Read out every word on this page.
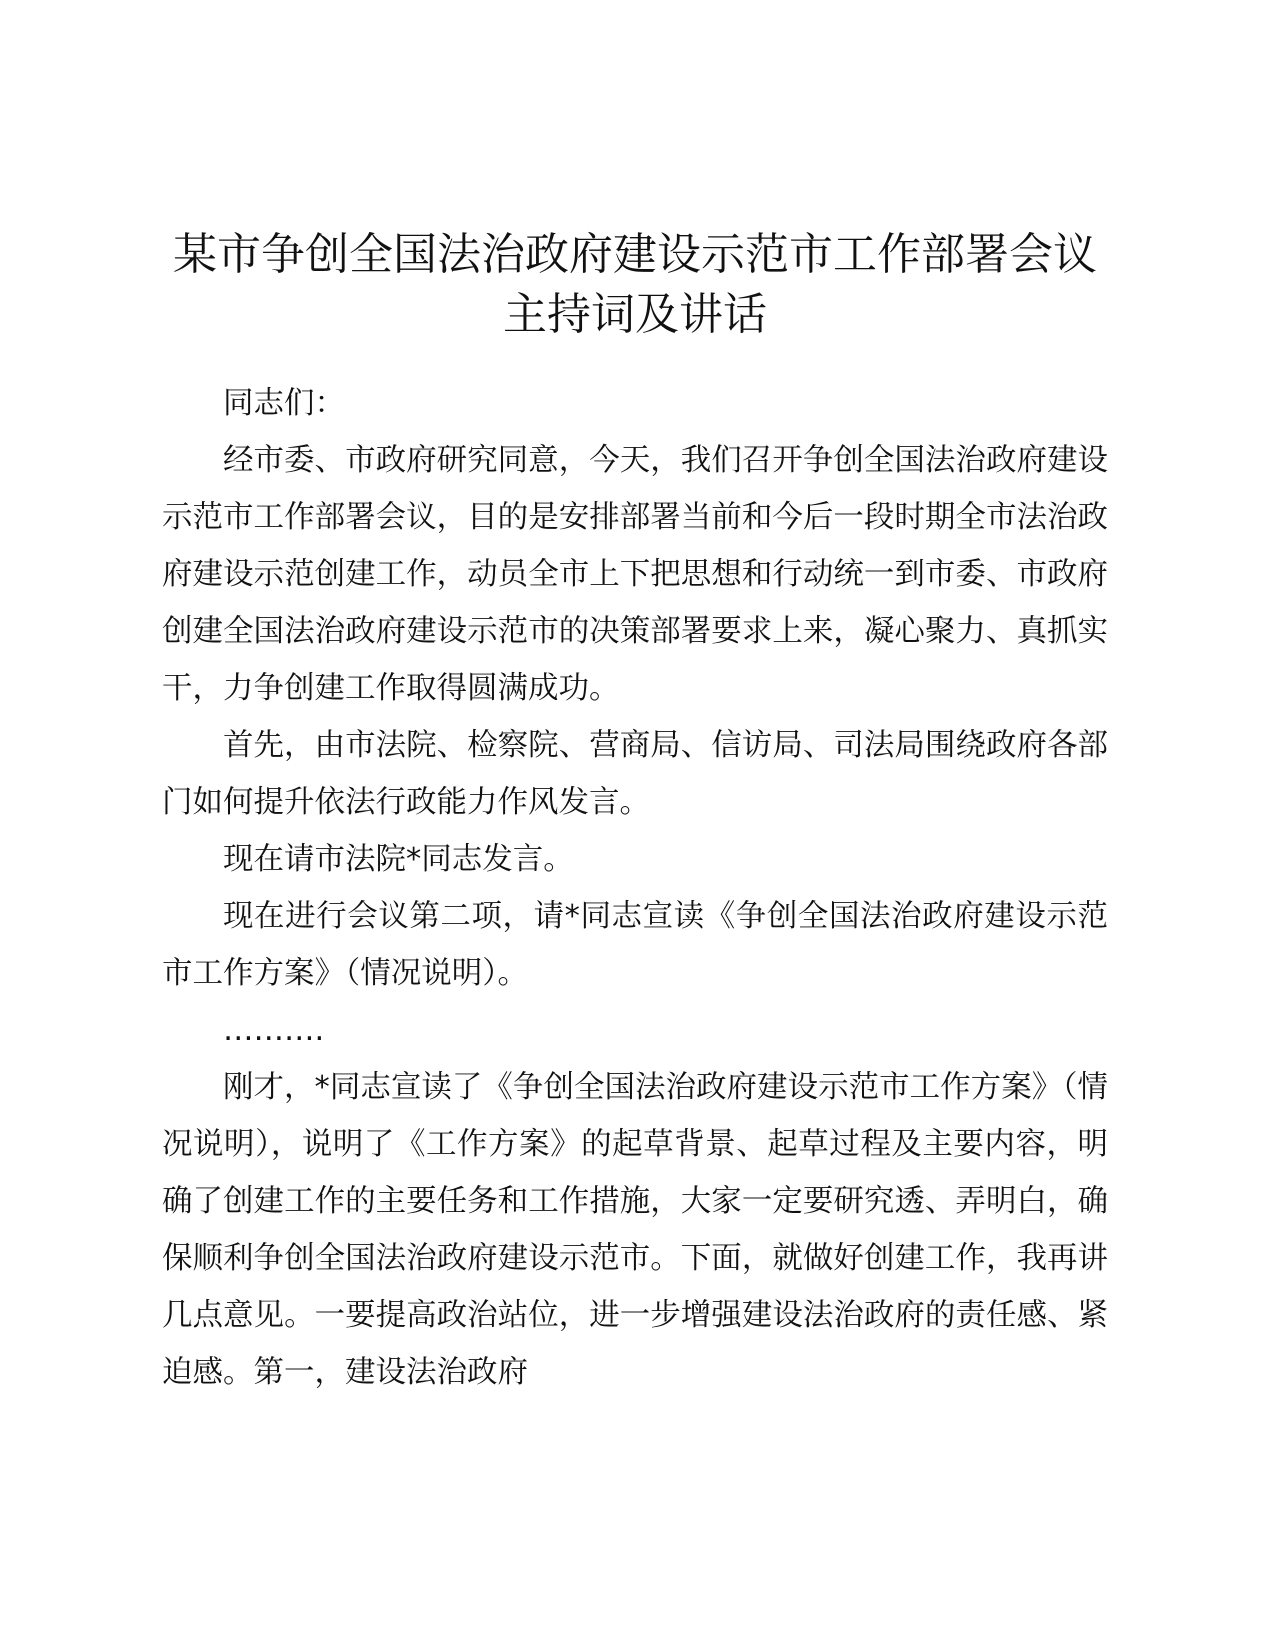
某市争创全国法治政府建设示范市工作部署会议主持词及讲话

同志们：

经市委、市政府研究同意，今天，我们召开争创全国法治政府建设示范市工作部署会议，目的是安排部署当前和今后一段时期全市法治政府建设示范创建工作，动员全市上下把思想和行动统一到市委、市政府创建全国法治政府建设示范市的决策部署要求上来，凝心聚力、真抓实干，力争创建工作取得圆满成功。

首先，由市法院、检察院、营商局、信访局、司法局围绕政府各部门如何提升依法行政能力作风发言。

现在请市法院*同志发言。

现在进行会议第二项，请*同志宣读《争创全国法治政府建设示范市工作方案》（情况说明）。

……….

刚才，*同志宣读了《争创全国法治政府建设示范市工作方案》（情况说明），说明了《工作方案》的起草背景、起草过程及主要内容，明确了创建工作的主要任务和工作措施，大家一定要研究透、弄明白，确保顺利争创全国法治政府建设示范市。下面，就做好创建工作，我再讲几点意见。一要提高政治站位，进一步增强建设法治政府的责任感、紧迫感。第一，建设法治政府
